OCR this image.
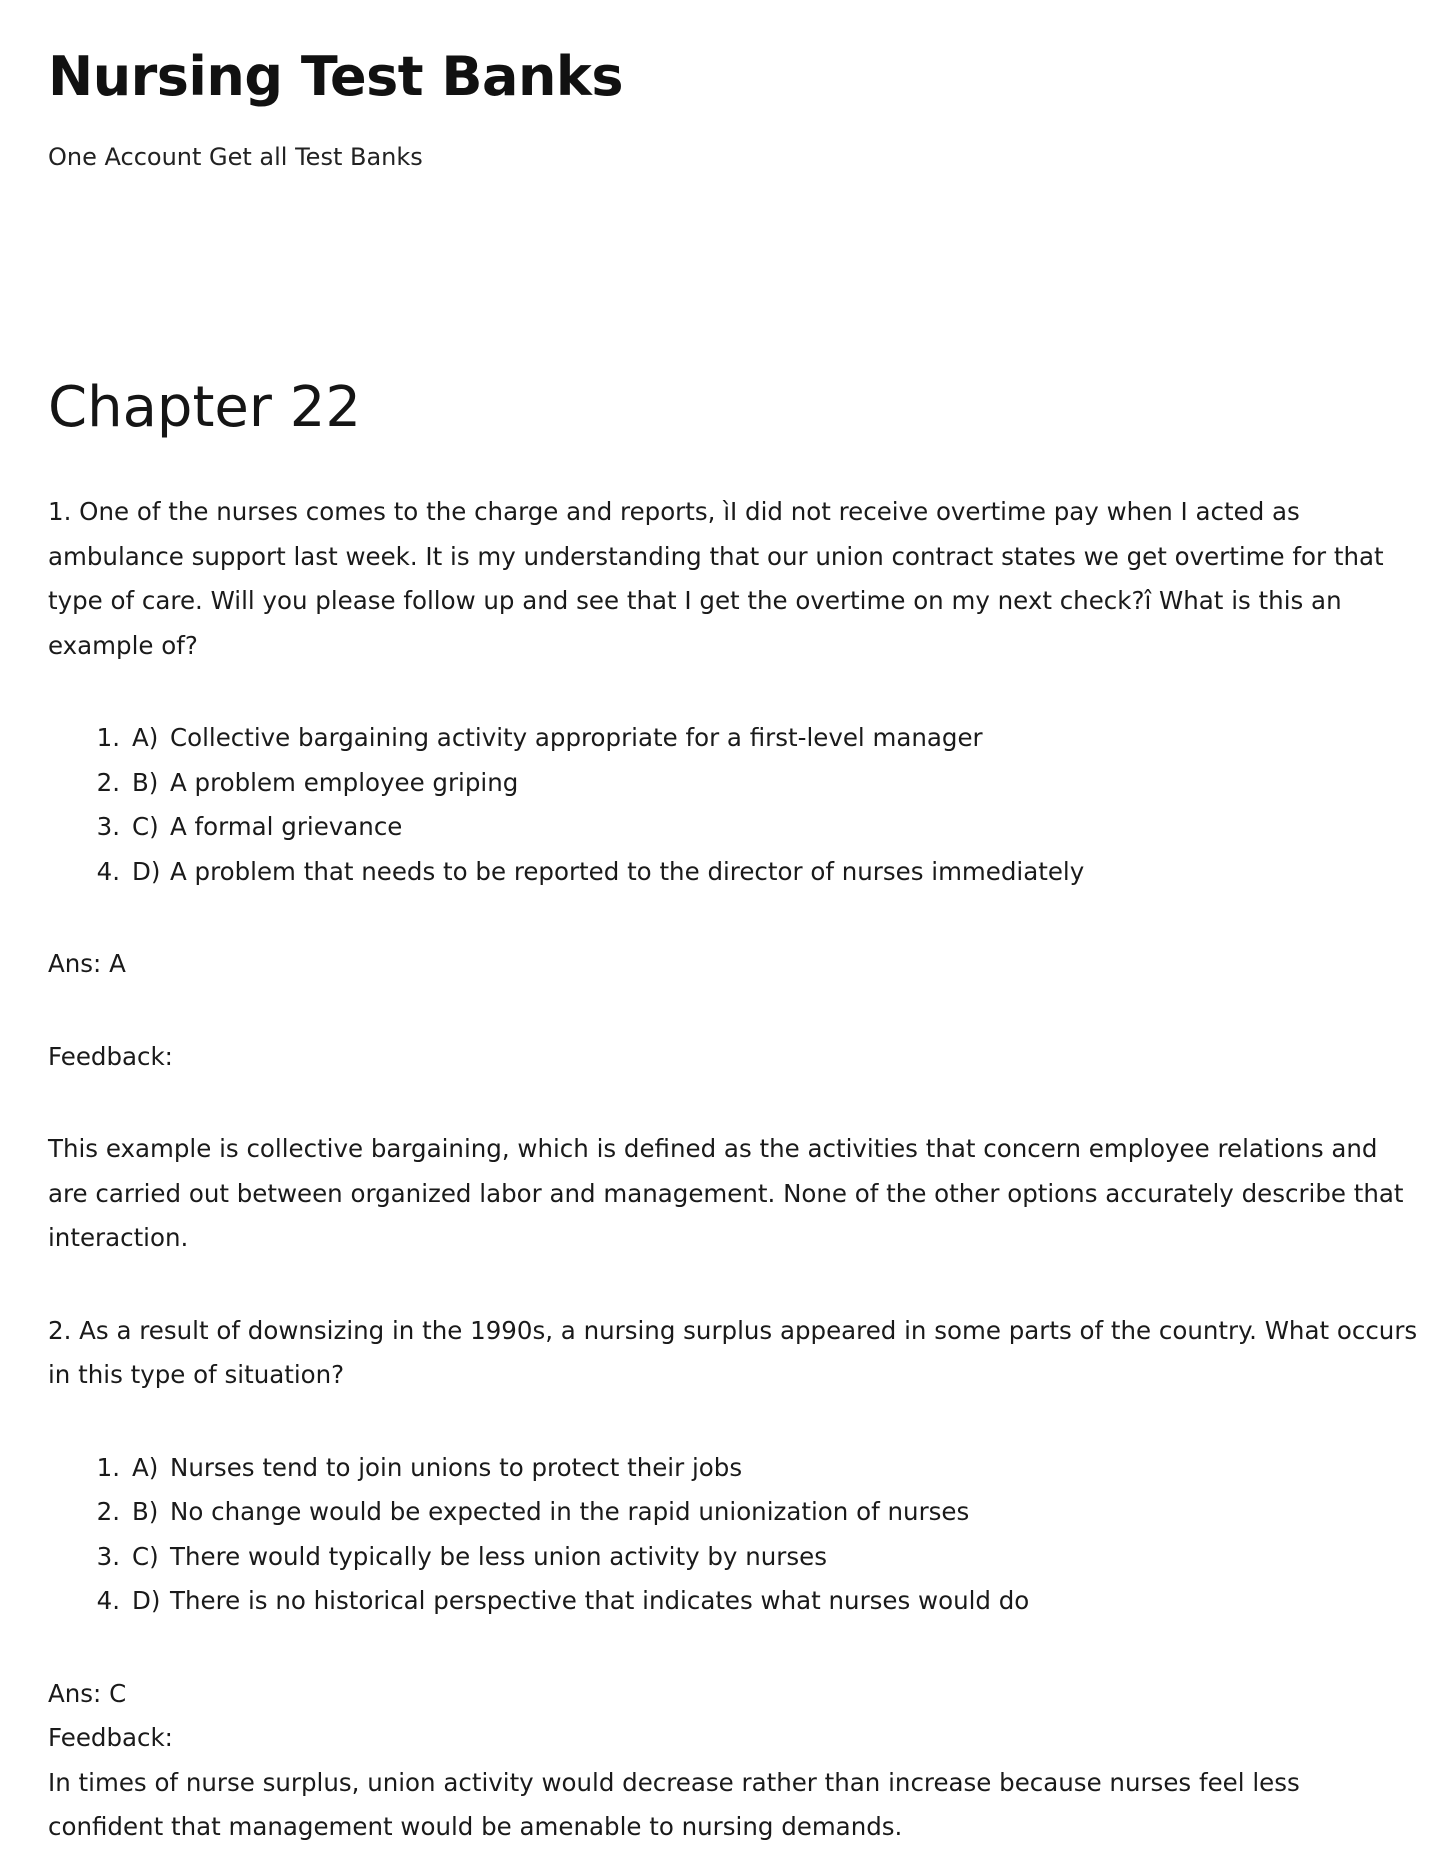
Nursing Test Banks

One Account Get all Test Banks

Chapter 22

1. One of the nurses comes to the charge and reports, ìI did not receive overtime pay when I acted as ambulance support last week. It is my understanding that our union contract states we get overtime for that type of care. Will you please follow up and see that I get the overtime on my next check?î What is this an example of?

1. A) Collective bargaining activity appropriate for a first-level manager
2. B) A problem employee griping
3. C) A formal grievance
4. D) A problem that needs to be reported to the director of nurses immediately

Ans: A

Feedback:

This example is collective bargaining, which is defined as the activities that concern employee relations and are carried out between organized labor and management. None of the other options accurately describe that interaction.

2. As a result of downsizing in the 1990s, a nursing surplus appeared in some parts of the country. What occurs in this type of situation?

1. A) Nurses tend to join unions to protect their jobs
2. B) No change would be expected in the rapid unionization of nurses
3. C) There would typically be less union activity by nurses
4. D) There is no historical perspective that indicates what nurses would do

Ans: C

Feedback:

In times of nurse surplus, union activity would decrease rather than increase because nurses feel less confident that management would be amenable to nursing demands.
